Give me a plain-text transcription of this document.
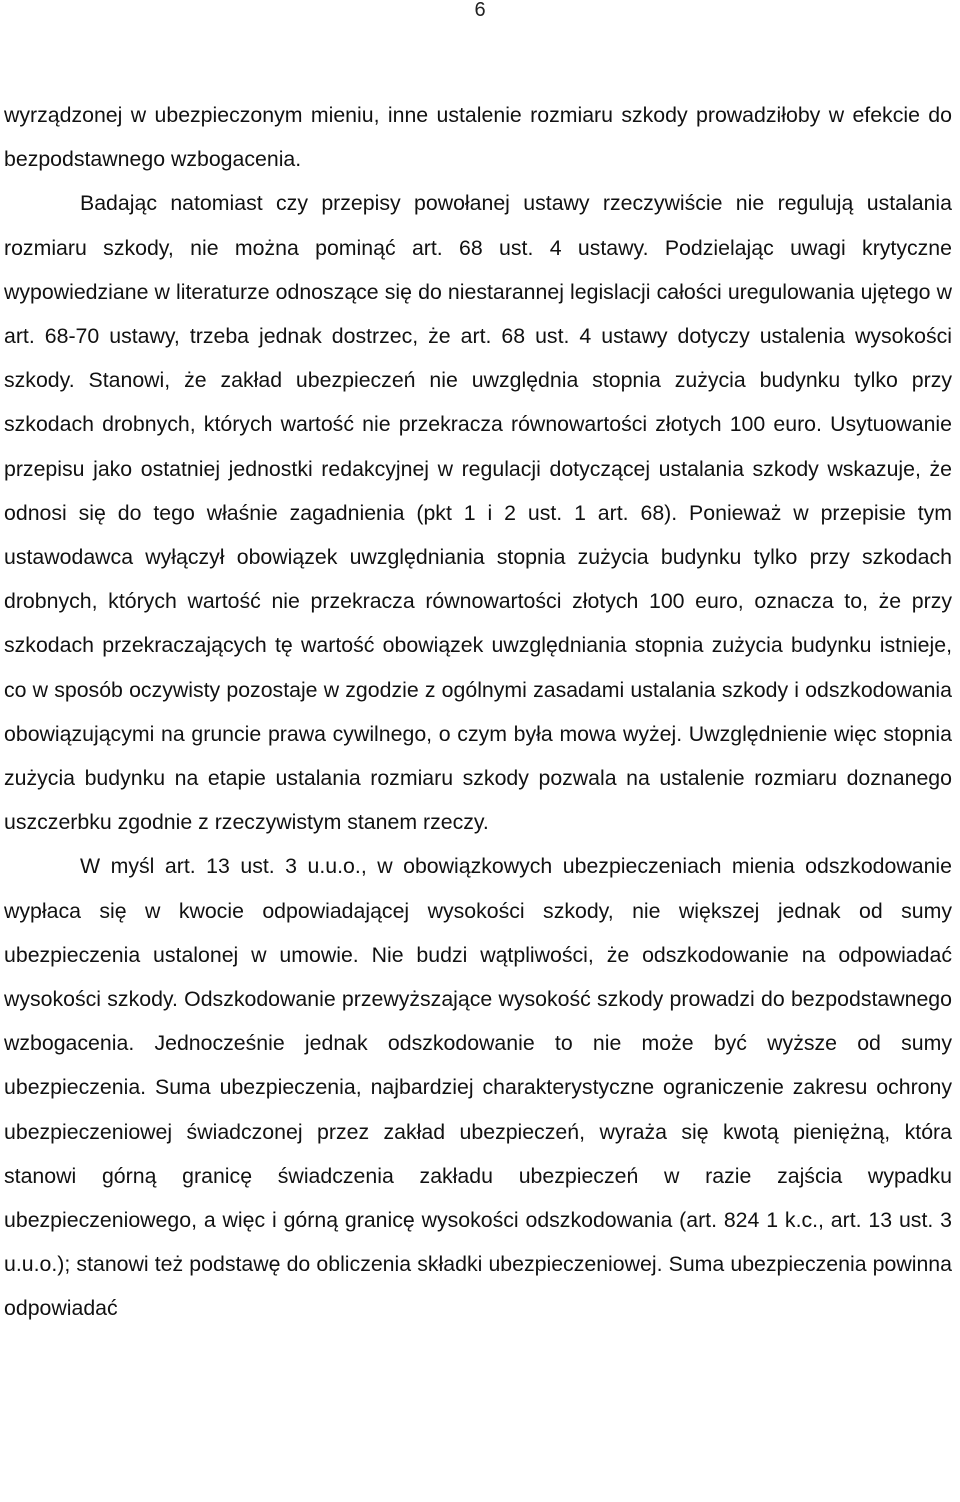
6

wyrządzonej w ubezpieczonym mieniu, inne ustalenie rozmiaru szkody prowadziłoby w efekcie do bezpodstawnego wzbogacenia.

Badając natomiast czy przepisy powołanej ustawy rzeczywiście nie regulują ustalania rozmiaru szkody, nie można pominąć art. 68 ust. 4 ustawy. Podzielając uwagi krytyczne wypowiedziane w literaturze odnoszące się do niestarannej legislacji całości uregulowania ujętego w art. 68-70 ustawy, trzeba jednak dostrzec, że art. 68 ust. 4 ustawy dotyczy ustalenia wysokości szkody. Stanowi, że zakład ubezpieczeń nie uwzględnia stopnia zużycia budynku tylko przy szkodach drobnych, których wartość nie przekracza równowartości złotych 100 euro. Usytuowanie przepisu jako ostatniej jednostki redakcyjnej w regulacji dotyczącej ustalania szkody wskazuje, że odnosi się do tego właśnie zagadnienia (pkt 1 i 2 ust. 1 art. 68). Ponieważ w przepisie tym ustawodawca wyłączył obowiązek uwzględniania stopnia zużycia budynku tylko przy szkodach drobnych, których wartość nie przekracza równowartości złotych 100 euro, oznacza to, że przy szkodach przekraczających tę wartość obowiązek uwzględniania stopnia zużycia budynku istnieje, co w sposób oczywisty pozostaje w zgodzie z ogólnymi zasadami ustalania szkody i odszkodowania obowiązującymi na gruncie prawa cywilnego, o czym była mowa wyżej. Uwzględnienie więc stopnia zużycia budynku na etapie ustalania rozmiaru szkody pozwala na ustalenie rozmiaru doznanego uszczerbku zgodnie z rzeczywistym stanem rzeczy.

W myśl art. 13 ust. 3 u.u.o., w obowiązkowych ubezpieczeniach mienia odszkodowanie wypłaca się w kwocie odpowiadającej wysokości szkody, nie większej jednak od sumy ubezpieczenia ustalonej w umowie. Nie budzi wątpliwości, że odszkodowanie na odpowiadać wysokości szkody. Odszkodowanie przewyższające wysokość szkody prowadzi do bezpodstawnego wzbogacenia. Jednocześnie jednak odszkodowanie to nie może być wyższe od sumy ubezpieczenia. Suma ubezpieczenia, najbardziej charakterystyczne ograniczenie zakresu ochrony ubezpieczeniowej świadczonej przez zakład ubezpieczeń, wyraża się kwotą pieniężną, która stanowi górną granicę świadczenia zakładu ubezpieczeń w razie zajścia wypadku ubezpieczeniowego, a więc i górną granicę wysokości odszkodowania (art. 824 1 k.c., art. 13 ust. 3 u.u.o.); stanowi też podstawę do obliczenia składki ubezpieczeniowej. Suma ubezpieczenia powinna odpowiadać
